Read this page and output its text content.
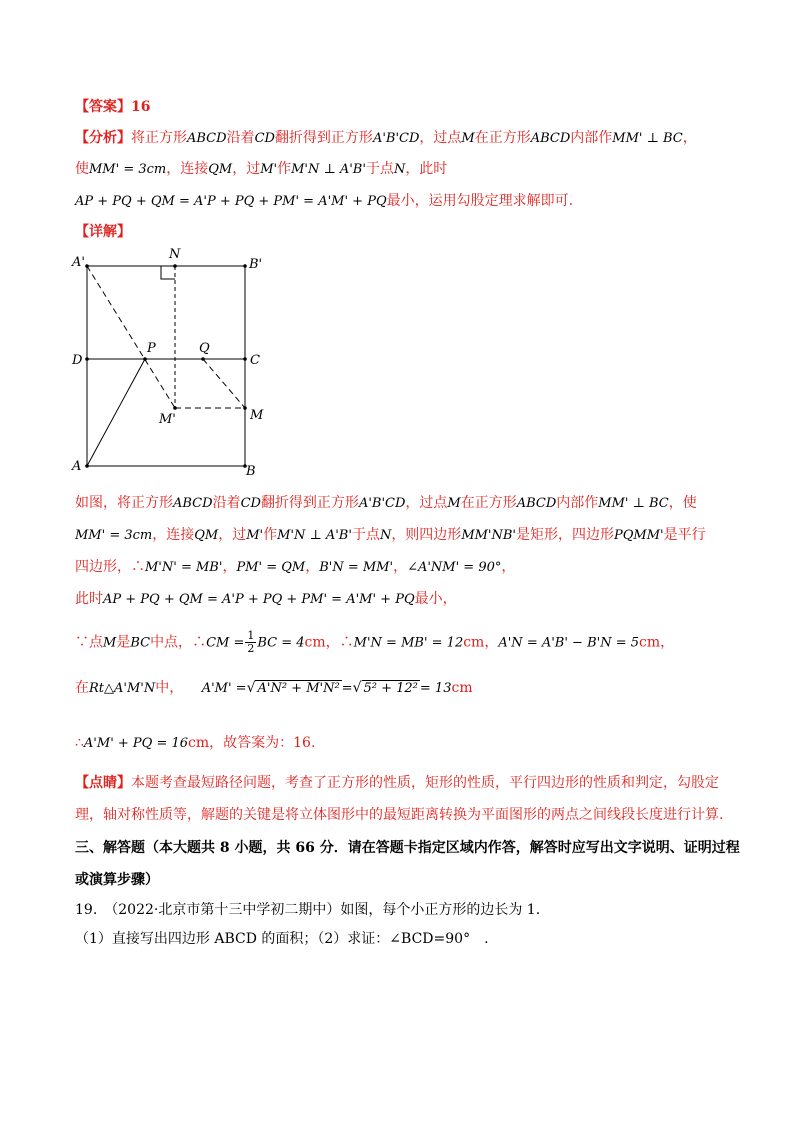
【答案】16
【分析】将正方形ABCD沿着CD翻折得到正方形A'B'CD，过点M在正方形ABCD内部作MM' ⊥ BC，
使MM' = 3cm，连接QM，过M'作M'N ⊥ A'B'于点N，此时
AP + PQ + QM = A'P + PQ + PM' = A'M' + PQ最小，运用勾股定理求解即可.
【详解】
A'
N
B'
D
P	Q
C
M'	M
A	B
如图，将正方形ABCD沿着CD翻折得到正方形A'B'CD，过点M在正方形ABCD内部作MM' ⊥ BC，使
MM' = 3cm，连接QM，过M'作M'N ⊥ A'B'于点N，则四边形MM'NB'是矩形，四边形PQMM'是平行
四边形，∴M'N' = MB'，PM' = QM，B'N = MM'，∠A'NM' = 90°，
此时AP + PQ + QM = A'P + PQ + PM' = A'M' + PQ最小，
∵点M是BC中点，∴CM = $\frac{1}{2}$ BC = 4cm，∴M'N = MB' = 12cm，A'N = A'B' − B'N = 5cm，
在Rt△A'M'N中， A'M' =√ A'N² + M'N² =√ 5² + 12² = 13cm
∴A'M' + PQ = 16cm，故答案为：16.
【点睛】本题考查最短路径问题，考查了正方形的性质，矩形的性质，平行四边形的性质和判定，勾股定
理，轴对称性质等，解题的关键是将立体图形中的最短距离转换为平面图形的两点之间线段长度进行计算.
三、解答题（本大题共 8 小题，共 66 分．请在答题卡指定区域内作答，解答时应写出文字说明、证明过程
或演算步骤）
19.　（2022·北京市第十三中学初二期中）如图，每个小正方形的边长为 1.
（1）直接写出四边形 ABCD 的面积；（2）求证：∠BCD=90°　.
